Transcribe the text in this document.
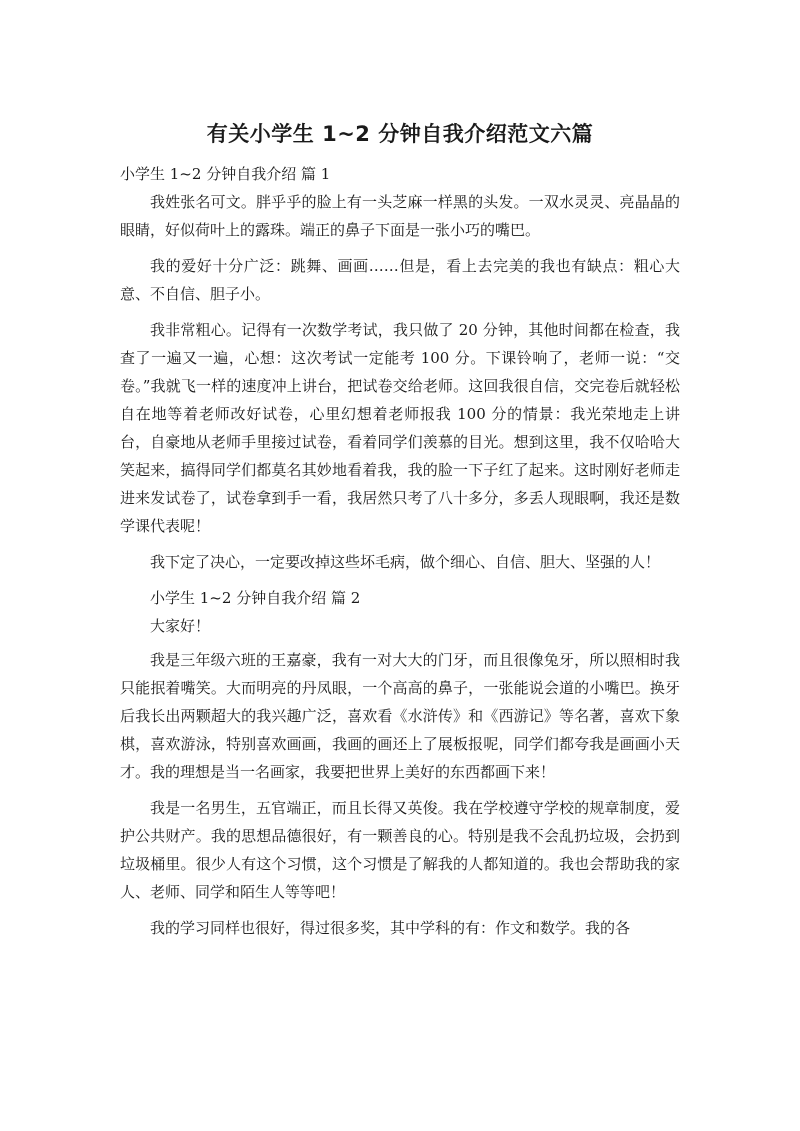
有关小学生 1~2 分钟自我介绍范文六篇

小学生 1~2 分钟自我介绍 篇 1

我姓张名可文。胖乎乎的脸上有一头芝麻一样黑的头发。一双水灵灵、亮晶晶的眼睛，好似荷叶上的露珠。端正的鼻子下面是一张小巧的嘴巴。

我的爱好十分广泛：跳舞、画画……但是，看上去完美的我也有缺点：粗心大意、不自信、胆子小。

我非常粗心。记得有一次数学考试，我只做了 20 分钟，其他时间都在检查，我查了一遍又一遍，心想：这次考试一定能考 100 分。下课铃响了，老师一说：“交卷。”我就飞一样的速度冲上讲台，把试卷交给老师。这回我很自信，交完卷后就轻松自在地等着老师改好试卷，心里幻想着老师报我 100 分的情景：我光荣地走上讲台，自豪地从老师手里接过试卷，看着同学们羡慕的目光。想到这里，我不仅哈哈大笑起来，搞得同学们都莫名其妙地看着我，我的脸一下子红了起来。这时刚好老师走进来发试卷了，试卷拿到手一看，我居然只考了八十多分，多丢人现眼啊，我还是数学课代表呢！

我下定了决心，一定要改掉这些坏毛病，做个细心、自信、胆大、坚强的人！

小学生 1~2 分钟自我介绍 篇 2

大家好！

我是三年级六班的王嘉豪，我有一对大大的门牙，而且很像兔牙，所以照相时我只能抿着嘴笑。大而明亮的丹凤眼，一个高高的鼻子，一张能说会道的小嘴巴。换牙后我长出两颗超大的我兴趣广泛，喜欢看《水浒传》和《西游记》等名著，喜欢下象棋，喜欢游泳，特别喜欢画画，我画的画还上了展板报呢，同学们都夸我是画画小天才。我的理想是当一名画家，我要把世界上美好的东西都画下来！

我是一名男生，五官端正，而且长得又英俊。我在学校遵守学校的规章制度，爱护公共财产。我的思想品德很好，有一颗善良的心。特别是我不会乱扔垃圾，会扔到垃圾桶里。很少人有这个习惯，这个习惯是了解我的人都知道的。我也会帮助我的家人、老师、同学和陌生人等等吧！

我的学习同样也很好，得过很多奖，其中学科的有：作文和数学。我的各
